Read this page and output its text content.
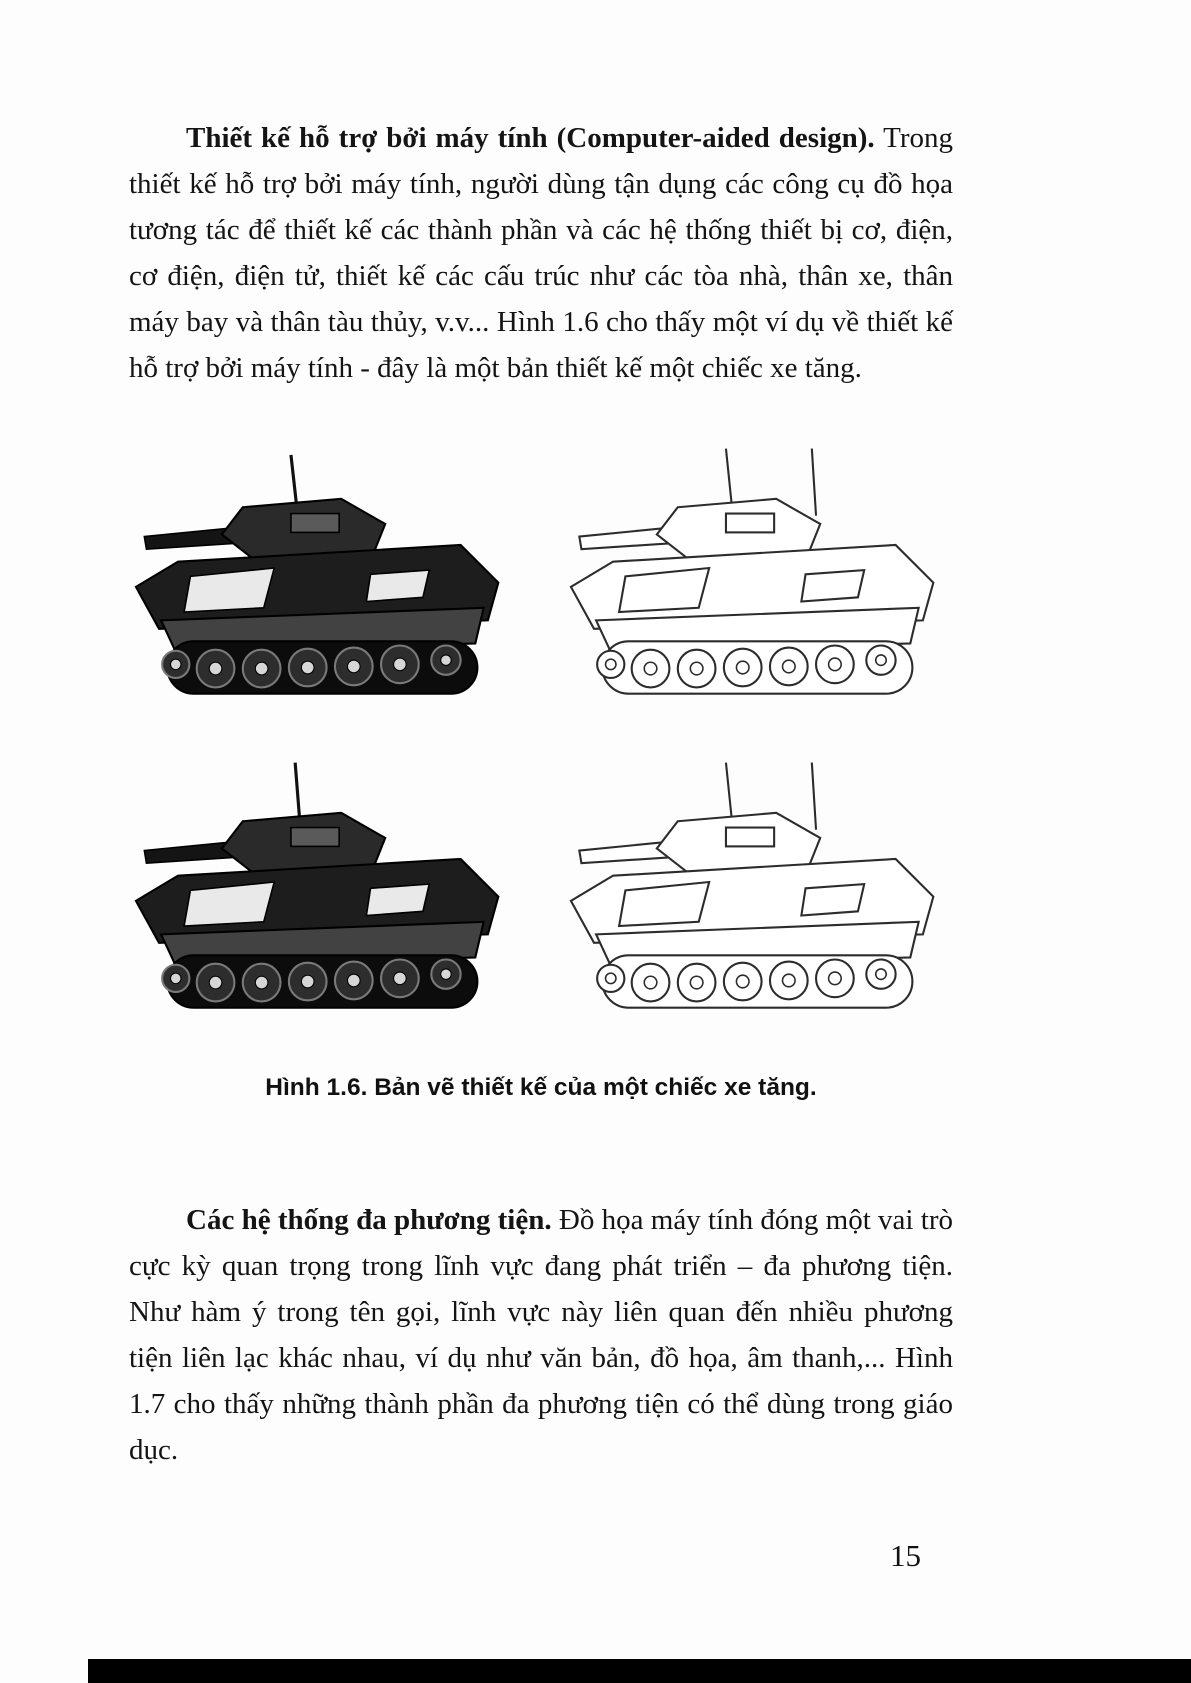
Thiết kế hỗ trợ bởi máy tính (Computer-aided design). Trong thiết kế hỗ trợ bởi máy tính, người dùng tận dụng các công cụ đồ họa tương tác để thiết kế các thành phần và các hệ thống thiết bị cơ, điện, cơ điện, điện tử, thiết kế các cấu trúc như các tòa nhà, thân xe, thân máy bay và thân tàu thủy, v.v... Hình 1.6 cho thấy một ví dụ về thiết kế hỗ trợ bởi máy tính - đây là một bản thiết kế một chiếc xe tăng.

Hình 1.6. Bản vẽ thiết kế của một chiếc xe tăng.

Các hệ thống đa phương tiện. Đồ họa máy tính đóng một vai trò cực kỳ quan trọng trong lĩnh vực đang phát triển – đa phương tiện. Như hàm ý trong tên gọi, lĩnh vực này liên quan đến nhiều phương tiện liên lạc khác nhau, ví dụ như văn bản, đồ họa, âm thanh,... Hình 1.7 cho thấy những thành phần đa phương tiện có thể dùng trong giáo dục.

15
